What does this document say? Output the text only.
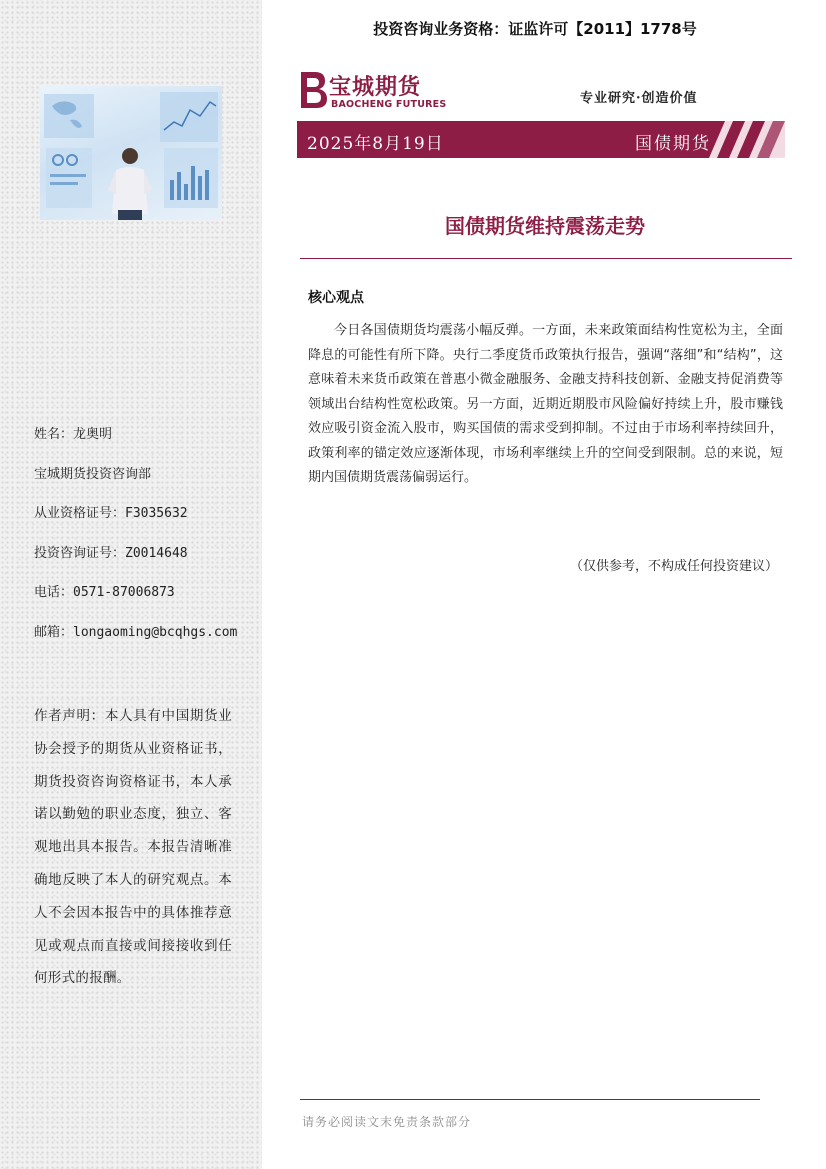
姓名：龙奥明
宝城期货投资咨询部
从业资格证号：F3035632
投资咨询证号：Z0014648
电话：0571-87006873
邮箱：longaoming@bcqhgs.com
作者声明：本人具有中国期货业协会授予的期货从业资格证书，期货投资咨询资格证书，本人承诺以勤勉的职业态度，独立、客观地出具本报告。本报告清晰准确地反映了本人的研究观点。本人不会因本报告中的具体推荐意见或观点而直接或间接接收到任何形式的报酬。
投资咨询业务资格：证监许可【2011】1778号
宝城期货
BAOCHENG FUTURES	专业研究·创造价值
2025年8月19日	国债期货
国债期货维持震荡走势
核心观点

今日各国债期货均震荡小幅反弹。一方面，未来政策面结构性宽松为主，全面降息的可能性有所下降。央行二季度货币政策执行报告，强调“落细”和“结构”，这意味着未来货币政策在普惠小微金融服务、金融支持科技创新、金融支持促消费等领域出台结构性宽松政策。另一方面，近期近期股市风险偏好持续上升，股市赚钱效应吸引资金流入股市，购买国债的需求受到抑制。不过由于市场利率持续回升，政策利率的锚定效应逐渐体现，市场利率继续上升的空间受到限制。总的来说，短期内国债期货震荡偏弱运行。

（仅供参考，不构成任何投资建议）
请务必阅读文末免责条款部分
